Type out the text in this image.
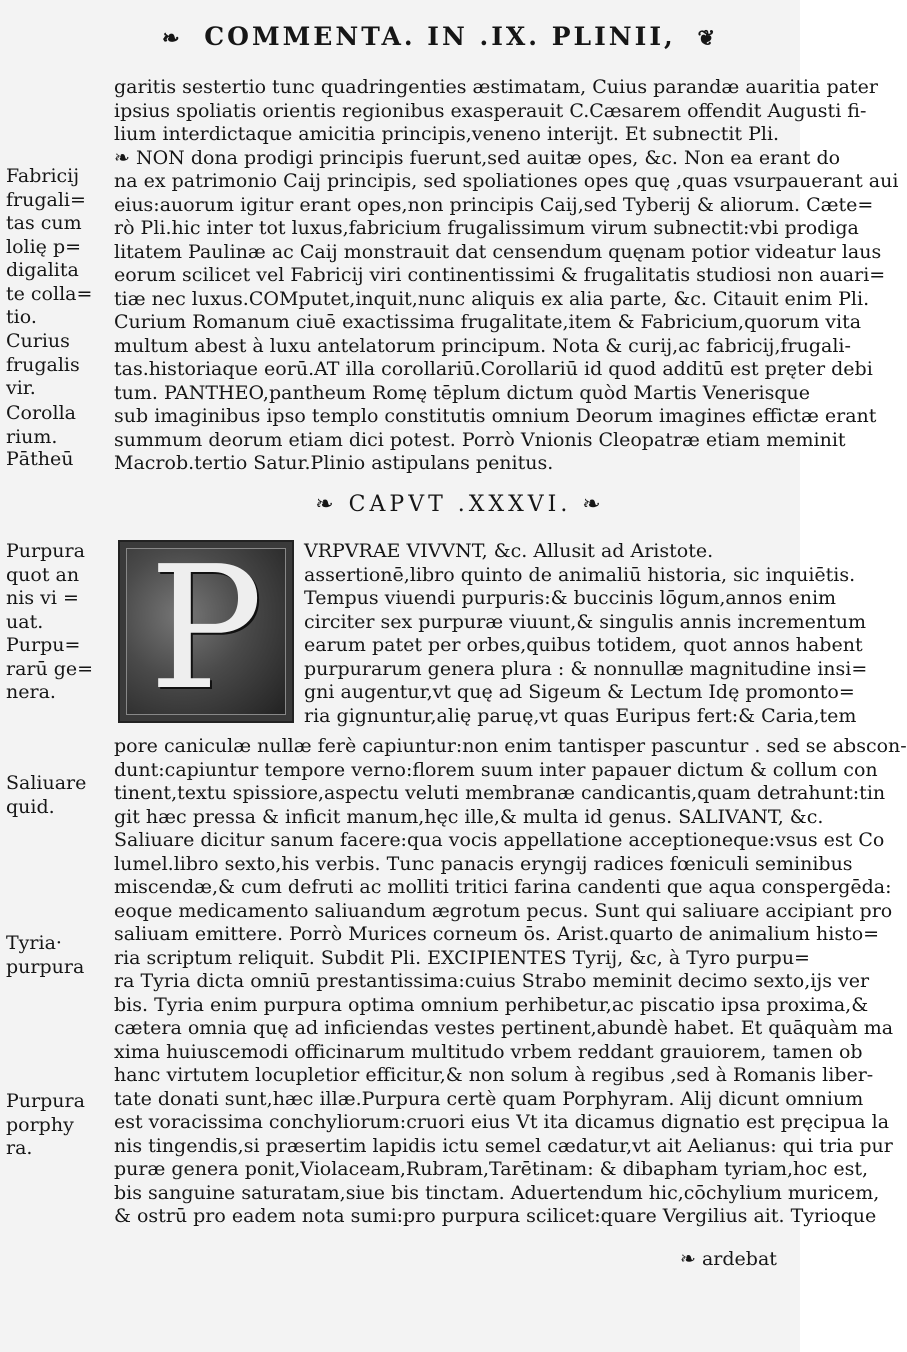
❧ COMMENTA. IN .IX. PLINII, ❦
Fabricij
frugali=
tas cum
lolię p=
digalita
te colla=
tio.
Curius
frugalis
vir.
Corolla
rium.
Pātheū
Purpura
quot an
nis vi =
uat.
Purpu=
rarū ge=
nera.
Saliuare
quid.
Tyria·
purpura
Purpura
porphy
ra.
garitis sestertio tunc quadringenties æstimatam, Cuius parandæ auaritia pater
ipsius spoliatis orientis regionibus exasperauit C.Cæsarem offendit Augusti fi-
lium interdictaque amicitia principis,veneno interijt. Et subnectit Pli.
❧ NON dona prodigi principis fuerunt,sed auitæ opes, &c. Non ea erant do
na ex patrimonio Caij principis, sed spoliationes opes quę ,quas vsurpauerant aui
eius:auorum igitur erant opes,non principis Caij,sed Tyberij & aliorum. Cæte=
rò Pli.hic inter tot luxus,fabricium frugalissimum virum subnectit:vbi prodiga
litatem Paulinæ ac Caij monstrauit dat censendum quęnam potior videatur laus
eorum scilicet vel Fabricij viri continentissimi & frugalitatis studiosi non auari=
tiæ nec luxus.COMputet,inquit,nunc aliquis ex alia parte, &c. Citauit enim Pli.
Curium Romanum ciuē exactissima frugalitate,item & Fabricium,quorum vita
multum abest à luxu antelatorum principum. Nota & curij,ac fabricij,frugali-
tas.historiaque eorū.AT illa corollariū.Corollariū id quod additū est pręter debi
tum. PANTHEO,pantheum Romę tēplum dictum quòd Martis Venerisque
sub imaginibus ipso templo constitutis omnium Deorum imagines effictæ erant
summum deorum etiam dici potest. Porrò Vnionis Cleopatræ etiam meminit
Macrob.tertio Satur.Plinio astipulans penitus.
❧ CAPVT .XXXVI. ❧
P	VRPVRAE VIVVNT, &c. Allusit ad Aristote.
assertionē,libro quinto de animaliū historia, sic inquiētis.
Tempus viuendi purpuris:& buccinis lōgum,annos enim
circiter sex purpuræ viuunt,& singulis annis incrementum
earum patet per orbes,quibus totidem, quot annos habent
purpurarum genera plura : & nonnullæ magnitudine insi=
gni augentur,vt quę ad Sigeum & Lectum Idę promonto=
ria gignuntur,alię paruę,vt quas Euripus fert:& Caria,tem
pore caniculæ nullæ ferè capiuntur:non enim tantisper pascuntur . sed se abscon-
dunt:capiuntur tempore verno:florem suum inter papauer dictum & collum con
tinent,textu spissiore,aspectu veluti membranæ candicantis,quam detrahunt:tin
git hæc pressa & inficit manum,hęc ille,& multa id genus. SALIVANT, &c.
Saliuare dicitur sanum facere:qua vocis appellatione acceptioneque:vsus est Co
lumel.libro sexto,his verbis. Tunc panacis eryngij radices fœniculi seminibus
miscendæ,& cum defruti ac molliti tritici farina candenti que aqua conspergēda:
eoque medicamento saliuandum ægrotum pecus. Sunt qui saliuare accipiant pro
saliuam emittere. Porrò Murices corneum ōs. Arist.quarto de animalium histo=
ria scriptum reliquit. Subdit Pli. EXCIPIENTES Tyrij, &c, à Tyro purpu=
ra Tyria dicta omniū prestantissima:cuius Strabo meminit decimo sexto,ijs ver
bis. Tyria enim purpura optima omnium perhibetur,ac piscatio ipsa proxima,&
cætera omnia quę ad inficiendas vestes pertinent,abundè habet. Et quāquàm ma
xima huiuscemodi officinarum multitudo vrbem reddant grauiorem, tamen ob
hanc virtutem locupletior efficitur,& non solum à regibus ,sed à Romanis liber-
tate donati sunt,hæc illæ.Purpura certè quam Porphyram. Alij dicunt omnium
est voracissima conchyliorum:cruori eius Vt ita dicamus dignatio est pręcipua la
nis tingendis,si præsertim lapidis ictu semel cædatur,vt ait Aelianus: qui tria pur
puræ genera ponit,Violaceam,Rubram,Tarētinam: & dibapham tyriam,hoc est,
bis sanguine saturatam,siue bis tinctam. Aduertendum hic,cōchylium muricem,
& ostrū pro eadem nota sumi:pro purpura scilicet:quare Vergilius ait. Tyrioque
❧ ardebat
